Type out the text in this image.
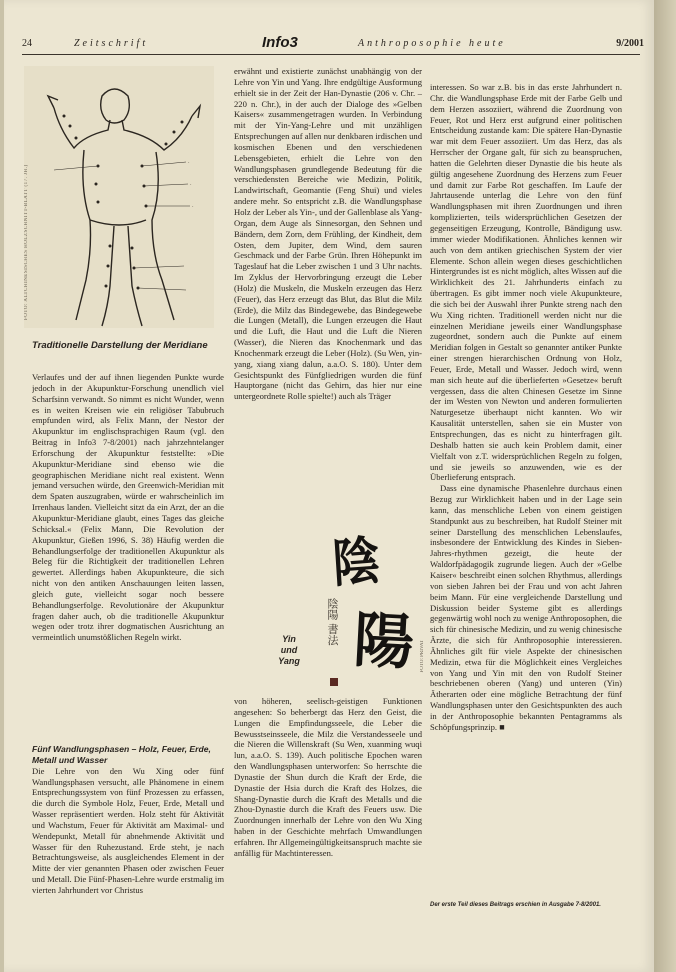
24	Zeitschrift	Info3	Anthroposophie heute	9/2001
·
·
·
FOTO: ALTCHINESISCHES HOLZSCHNITT-BLATT (17. JH.)
Traditionelle Darstellung der Meridiane

Verlaufes und der auf ihnen liegenden Punkte wurde jedoch in der Akupunktur-Forschung unendlich viel Scharfsinn verwandt. So nimmt es nicht Wunder, wenn es in weiten Kreisen wie ein religiöser Tabubruch empfunden wird, als Felix Mann, der Nestor der Akupunktur im englischsprachigen Raum (vgl. den Beitrag in Info3 7-8/2001) nach jahrzehntelanger Erforschung der Akupunktur feststellte: »Die Akupunktur-Meridiane sind ebenso wie die geographischen Meridiane nicht real existent. Wenn jemand versuchen würde, den Greenwich-Meridian mit dem Spaten auszugraben, würde er wahrscheinlich im Irrenhaus landen. Vielleicht sitzt da ein Arzt, der an die Akupunktur-Meridiane glaubt, eines Tages das gleiche Schicksal.« (Felix Mann, Die Revolution der Akupunktur, Gießen 1996, S. 38) Häufig werden die Behandlungserfolge der traditionellen Akupunktur als Beleg für die Richtigkeit der traditionellen Lehren gewertet. Allerdings haben Akupunkteure, die sich nicht von den antiken Anschauungen leiten lassen, gleich gute, vielleicht sogar noch bessere Behandlungserfolge. Revolutionäre der Akupunktur fragen daher auch, ob die traditionelle Akupunktur wegen oder trotz ihrer dogmatischen Ausrichtung an vermeintlich unumstößlichen Regeln wirkt.

Fünf Wandlungsphasen – Holz, Feuer, Erde, Metall und Wasser

Die Lehre von den Wu Xing oder fünf Wandlungsphasen versucht, alle Phänomene in einem Entsprechungssystem von fünf Prozessen zu erfassen, die durch die Symbole Holz, Feuer, Erde, Metall und Wasser repräsentiert werden. Holz steht für Aktivität und Wachstum, Feuer für Aktivität am Maximal- und Wendepunkt, Metall für abnehmende Aktivität und Wasser für den Ruhezustand. Erde steht, je nach Betrachtungsweise, als ausgleichendes Element in der Mitte der vier genannten Phasen oder zwischen Feuer und Metall. Die Fünf-Phasen-Lehre wurde erstmalig im vierten Jahrhundert vor Christus

erwähnt und existierte zunächst unabhängig von der Lehre von Yin und Yang. Ihre endgültige Ausformung erhielt sie in der Zeit der Han-Dynastie (206 v. Chr. – 220 n. Chr.), in der auch der Dialoge des »Gelben Kaisers« zusammengetragen wurden. In Verbindung mit der Yin-Yang-Lehre und mit unzähligen Entsprechungen auf allen nur denkbaren irdischen und kosmischen Ebenen und den verschiedenen Lebensgebieten, erhielt die Lehre von den Wandlungsphasen grundlegende Bedeutung für die verschiedensten Bereiche wie Medizin, Politik, Landwirtschaft, Geomantie (Feng Shui) und vieles andere mehr. So entspricht z.B. die Wandlungsphase Holz der Leber als Yin-, und der Gallenblase als Yang-Organ, dem Auge als Sinnesorgan, den Sehnen und Bändern, dem Zorn, dem Frühling, der Kindheit, dem Osten, dem Jupiter, dem Wind, dem sauren Geschmack und der Farbe Grün. Ihren Höhepunkt im Tageslauf hat die Leber zwischen 1 und 3 Uhr nachts. Im Zyklus der Hervorbringung erzeugt die Leber (Holz) die Muskeln, die Muskeln erzeugen das Herz (Feuer), das Herz erzeugt das Blut, das Blut die Milz (Erde), die Milz das Bindegewebe, das Bindegewebe die Lungen (Metall), die Lungen erzeugen die Haut und die Luft, die Haut und die Luft die Nieren (Wasser), die Nieren das Knochenmark und das Knochenmark erzeugt die Leber (Holz). (Su Wen, yin-yang, xiang xiang dalun, a.a.O. S. 180). Unter dem Gesichtspunkt des Fünfgliedrigen wurden die fünf Hauptorgane (nicht das Gehirn, das hier nur eine untergeordnete Rolle spielte!) auch als Träger

陰
陰陽 書法 陽
Yin
und
Yang	FOTO: PRIVAT

von höheren, seelisch-geistigen Funktionen angesehen: So beherbergt das Herz den Geist, die Lungen die Empfindungsseele, die Leber die Bewusstseinsseele, die Milz die Verstandesseele und die Nieren die Willenskraft (Su Wen, xuanming wuqi lun, a.a.O. S. 139). Auch politische Epochen waren den Wandlungsphasen unterworfen: So herrschte die Dynastie der Shun durch die Kraft der Erde, die Dynastie der Hsia durch die Kraft des Holzes, die Shang-Dynastie durch die Kraft des Metalls und die Zhou-Dynastie durch die Kraft des Feuers usw. Die Zuordnungen innerhalb der Lehre von den Wu Xing haben in der Geschichte mehrfach Umwandlungen erfahren. Ihr Allgemeingültigkeitsanspruch machte sie anfällig für Machtinteressen.

interessen. So war z.B. bis in das erste Jahrhundert n. Chr. die Wandlungsphase Erde mit der Farbe Gelb und dem Herzen assoziiert, während die Zuordnung von Feuer, Rot und Herz erst aufgrund einer politischen Entscheidung zustande kam: Die spätere Han-Dynastie war mit dem Feuer assoziiert. Um das Herz, das als Herrscher der Organe galt, für sich zu beanspruchen, hatten die Gelehrten dieser Dynastie die bis heute als gültig angesehene Zuordnung des Herzens zum Feuer und damit zur Farbe Rot geschaffen. Im Laufe der Jahrtausende unterlag die Lehre von den fünf Wandlungsphasen mit ihren Zuordnungen und ihren komplizierten, teils widersprüchlichen Gesetzen der gegenseitigen Erzeugung, Kontrolle, Bändigung usw. immer wieder Modifikationen. Ähnliches kennen wir auch von dem antiken griechischen System der vier Elemente. Schon allein wegen dieses geschichtlichen Hintergrundes ist es nicht möglich, altes Wissen auf die Wirklichkeit des 21. Jahrhunderts einfach zu übertragen. Es gibt immer noch viele Akupunkteure, die sich bei der Auswahl ihrer Punkte streng nach den Wu Xing richten. Traditionell werden nicht nur die einzelnen Meridiane jeweils einer Wandlungsphase zugeordnet, sondern auch die Punkte auf einem Meridian folgen in Gestalt so genannter antiker Punkte einer strengen hierarchischen Ordnung von Holz, Feuer, Erde, Metall und Wasser. Jedoch wird, wenn man sich heute auf die überlieferten »Gesetze« beruft vergessen, dass die alten Chinesen Gesetze im Sinne der im Westen von Newton und anderen formulierten Naturgesetze überhaupt nicht kannten. Wo wir Kausalität unterstellen, sahen sie ein Muster von Entsprechungen, das es nicht zu hinterfragen gilt. Deshalb hatten sie auch kein Problem damit, einer Vielfalt von z.T. widersprüchlichen Regeln zu folgen, und sie jeweils so anzuwenden, wie es der Überlieferung entsprach.

Dass eine dynamische Phasenlehre durchaus einen Bezug zur Wirklichkeit haben und in der Lage sein kann, das menschliche Leben von einem geistigen Standpunkt aus zu beschreiben, hat Rudolf Steiner mit seiner Darstellung des menschlichen Lebenslaufes, insbesondere der Entwicklung des Kindes in Sieben-Jahres-rhythmen gezeigt, die heute der Waldorfpädagogik zugrunde liegen. Auch der »Gelbe Kaiser« beschreibt einen solchen Rhythmus, allerdings von sieben Jahren bei der Frau und von acht Jahren beim Mann. Für eine vergleichende Darstellung und Diskussion beider Systeme gibt es allerdings gegenwärtig wohl noch zu wenige Anthroposophen, die sich für chinesische Medizin, und zu wenig chinesische Ärzte, die sich für Anthroposophie interessieren. Ähnliches gilt für viele Aspekte der chinesischen Medizin, etwa für die Möglichkeit eines Vergleiches von Yang und Yin mit den von Rudolf Steiner beschriebenen oberen (Yang) und unteren (Yin) Ätherarten oder eine mögliche Betrachtung der fünf Wandlungsphasen unter den Gesichtspunkten des auch in der Anthroposophie bekannten Pentagramms als Schöpfungsprinzip. ■

Der erste Teil dieses Beitrags erschien in Ausgabe 7-8/2001.
